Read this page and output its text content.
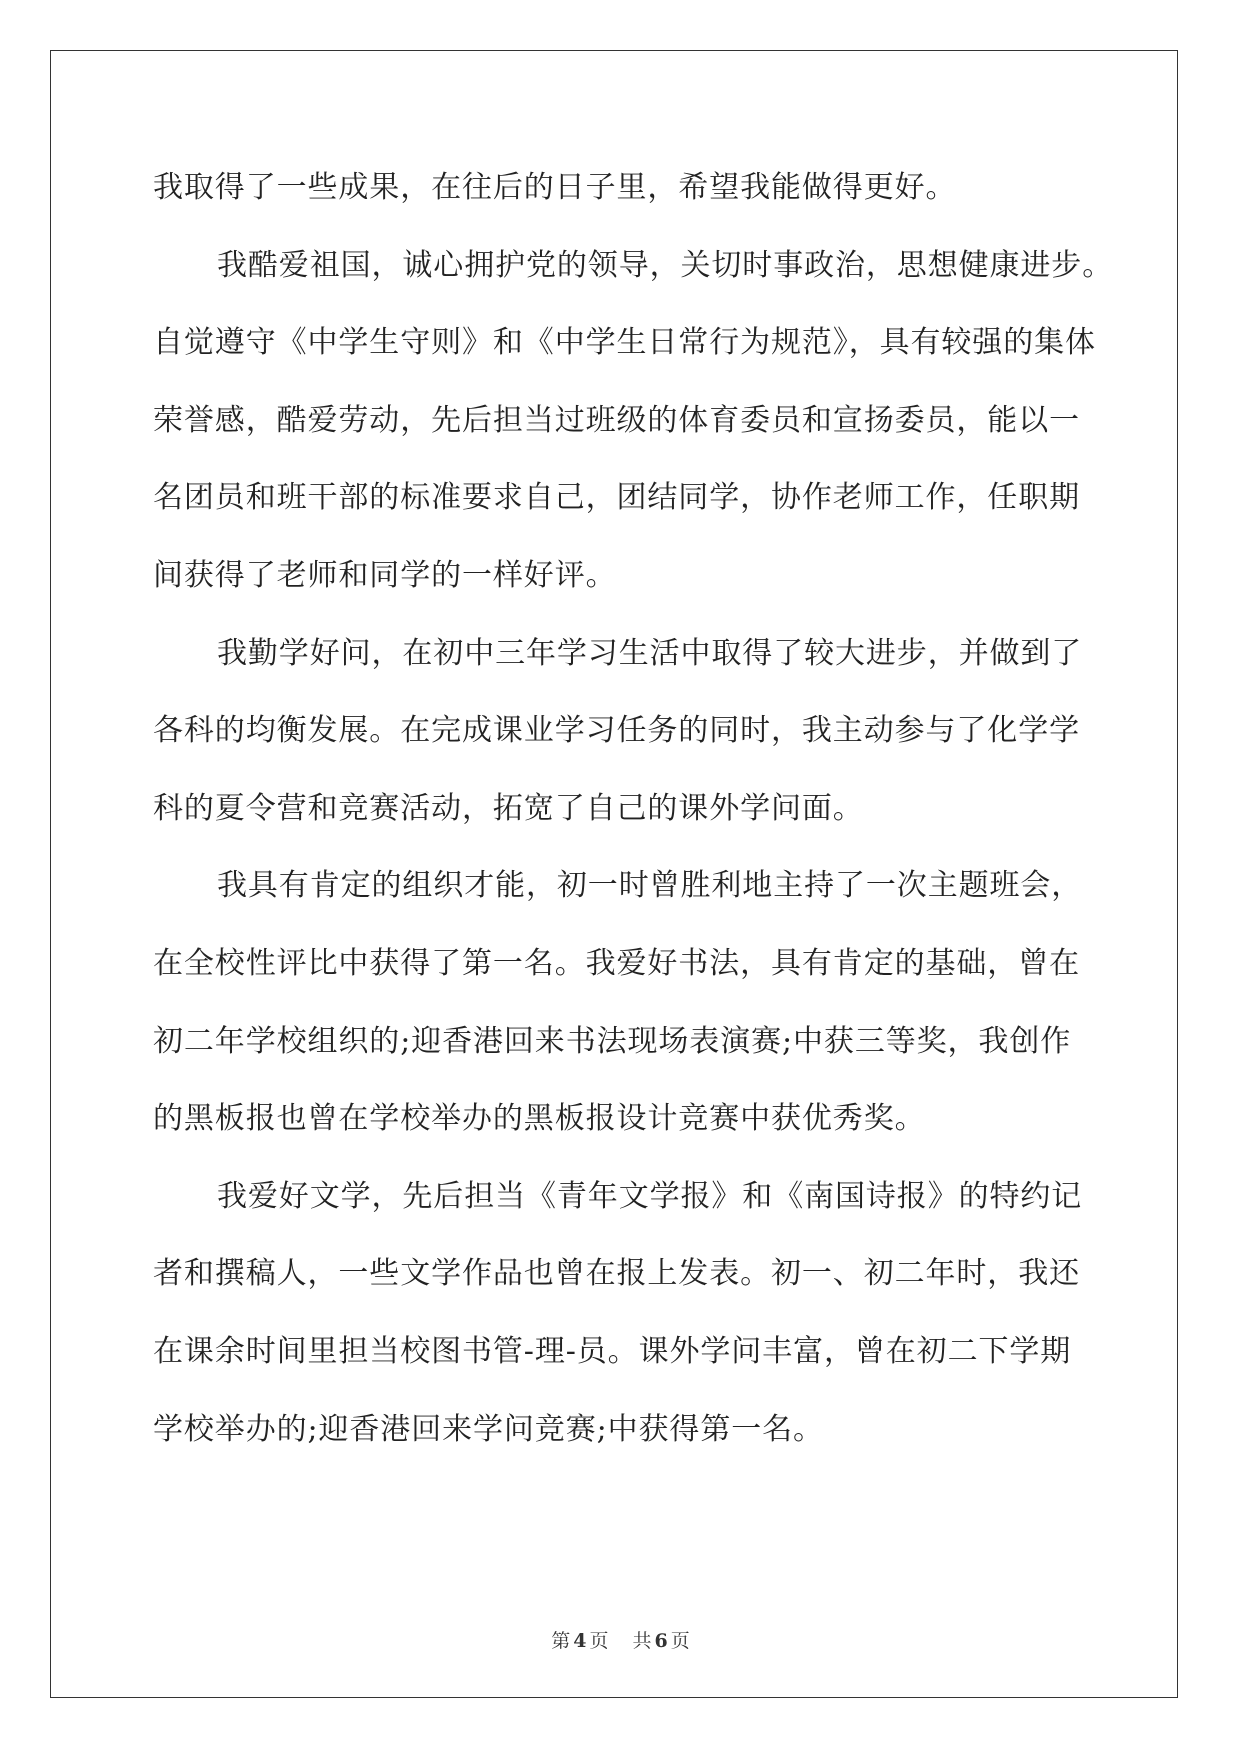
我取得了一些成果，在往后的日子里，希望我能做得更好。
我酷爱祖国，诚心拥护党的领导，关切时事政治，思想健康进步。
自觉遵守《中学生守则》和《中学生日常行为规范》，具有较强的集体
荣誉感，酷爱劳动，先后担当过班级的体育委员和宣扬委员，能以一
名团员和班干部的标准要求自己，团结同学，协作老师工作，任职期
间获得了老师和同学的一样好评。
我勤学好问，在初中三年学习生活中取得了较大进步，并做到了
各科的均衡发展。在完成课业学习任务的同时，我主动参与了化学学
科的夏令营和竞赛活动，拓宽了自己的课外学问面。
我具有肯定的组织才能，初一时曾胜利地主持了一次主题班会，
在全校性评比中获得了第一名。我爱好书法，具有肯定的基础，曾在
初二年学校组织的;迎香港回来书法现场表演赛;中获三等奖，我创作
的黑板报也曾在学校举办的黑板报设计竞赛中获优秀奖。
我爱好文学，先后担当《青年文学报》和《南国诗报》的特约记
者和撰稿人，一些文学作品也曾在报上发表。初一、初二年时，我还
在课余时间里担当校图书管-理-员。课外学问丰富，曾在初二下学期
学校举办的;迎香港回来学问竞赛;中获得第一名。
第 4 页 共 6 页
